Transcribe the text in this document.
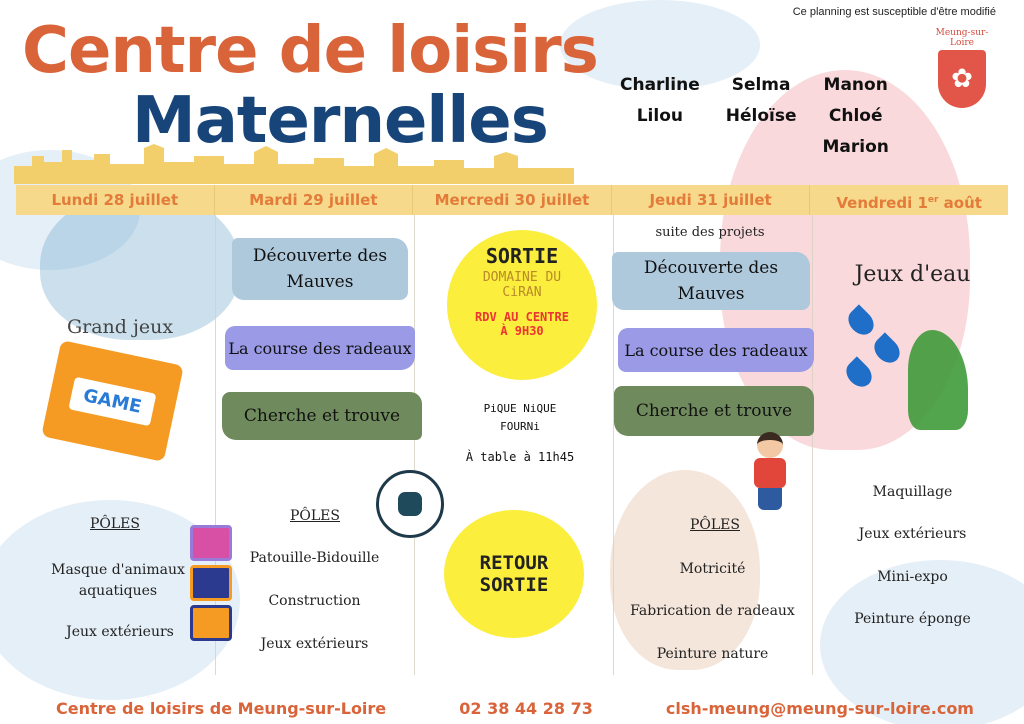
Ce planning est susceptible d'être modifié
Centre de loisirs
Maternelles	Charline
Lilou
Selma
Héloïse
Manon
Chloé
Marion
Meung-sur-Loire
✿
Lundi 28 juillet	Mardi 29 juillet	Mercredi 30 juillet	Jeudi 31 juillet	Vendredi 1er août
Grand jeux
GAME
PÔLES
Masque d'animaux aquatiques
Jeux extérieurs
Découverte des Mauves
La course des radeaux
Cherche et trouve
PÔLES
Patouille-Bidouille
Construction
Jeux extérieurs
SORTIE
DOMAINE DU
CiRAN
RDV AU CENTRE
À 9H30
PiQUE NiQUE
FOURNi
À table à 11h45
RETOUR
SORTIE
suite des projets
Découverte des Mauves
La course des radeaux
Cherche et trouve
PÔLES
Motricité
Fabrication de radeaux
Peinture nature
Jeux d'eau
Maquillage
Jeux extérieurs
Mini-expo
Peinture éponge
Centre de loisirs de Meung-sur-Loire	02 38 44 28 73	clsh-meung@meung-sur-loire.com
